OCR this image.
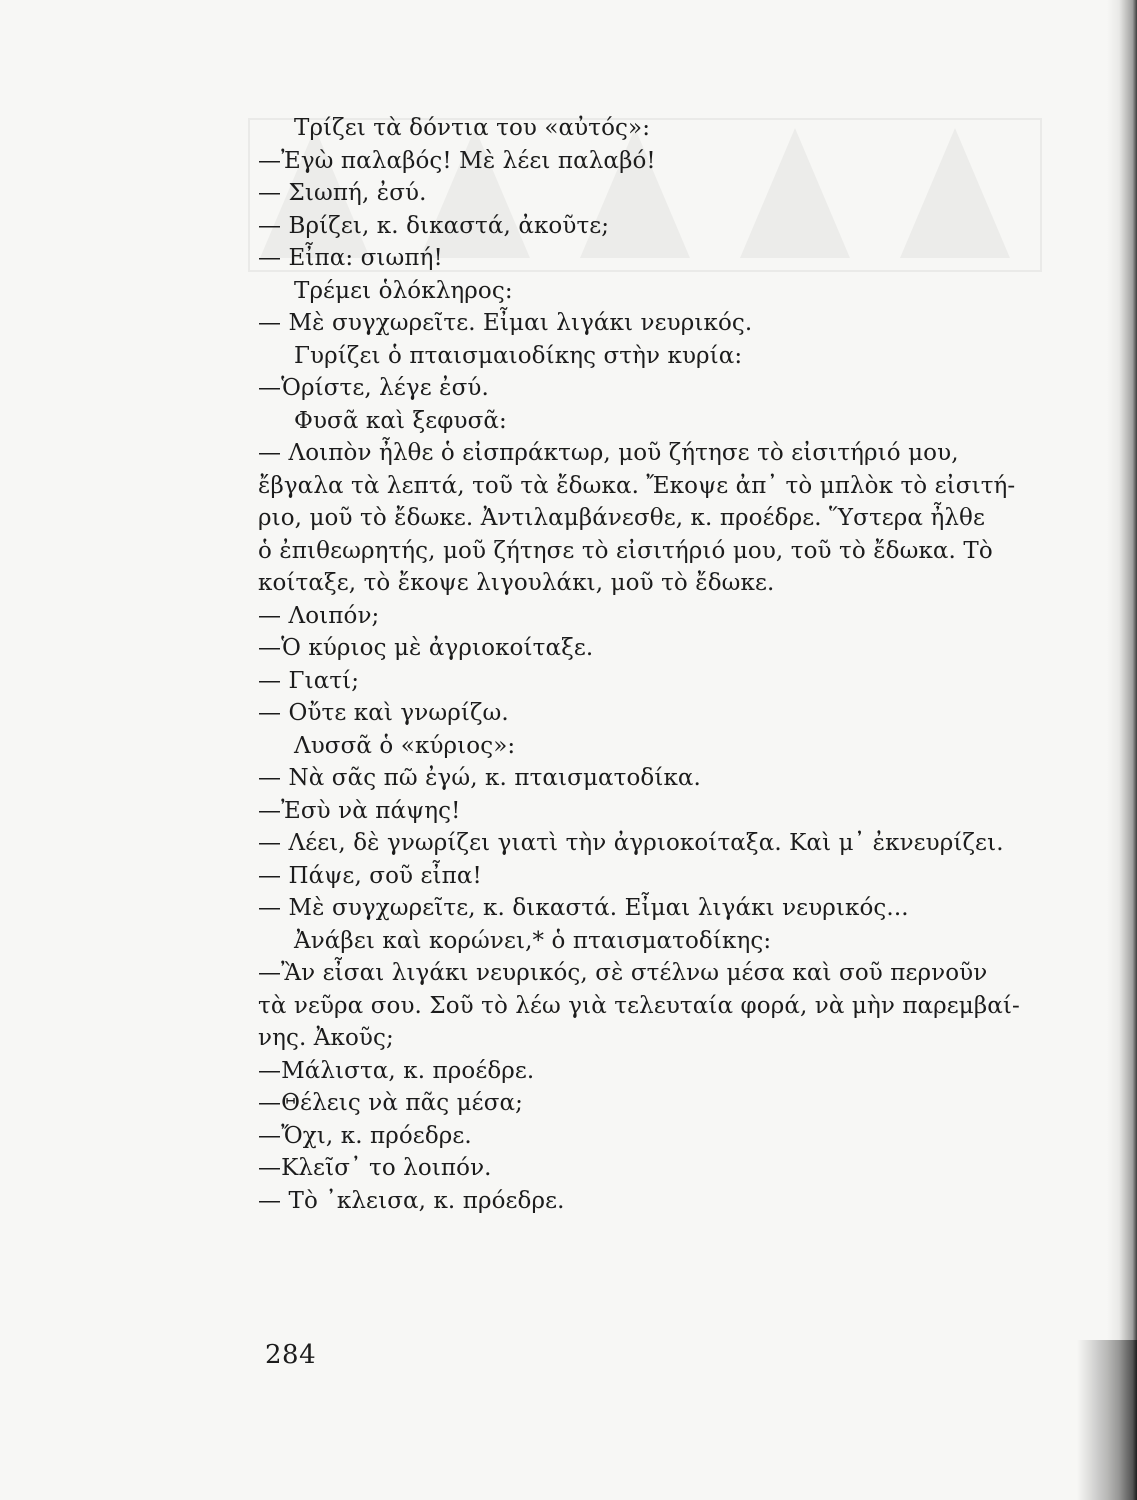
Τρίζει τὰ δόντια του «αὐτός»:
—Ἐγὼ παλαβός! Μὲ λέει παλαβό!
— Σιωπή, ἐσύ.
— Βρίζει, κ. δικαστά, ἀκοῦτε;
— Εἶπα: σιωπή!
Τρέμει ὁλόκληρος:
— Μὲ συγχωρεῖτε. Εἶμαι λιγάκι νευρικός.
Γυρίζει ὁ πταισμαιοδίκης στὴν κυρία:
—Ὁρίστε, λέγε ἐσύ.
Φυσᾶ καὶ ξεφυσᾶ:
— Λοιπὸν ἦλθε ὁ εἰσπράκτωρ, μοῦ ζήτησε τὸ εἰσιτήριό μου,
ἔβγαλα τὰ λεπτά, τοῦ τὰ ἔδωκα. Ἔκοψε ἀπ᾽ τὸ μπλὸκ τὸ εἰσιτή-
ριο, μοῦ τὸ ἔδωκε. Ἀντιλαμβάνεσθε, κ. προέδρε. Ὕστερα ἦλθε
ὁ ἐπιθεωρητής, μοῦ ζήτησε τὸ εἰσιτήριό μου, τοῦ τὸ ἔδωκα. Τὸ
κοίταξε, τὸ ἔκοψε λιγουλάκι, μοῦ τὸ ἔδωκε.
— Λοιπόν;
—Ὁ κύριος μὲ ἀγριοκοίταξε.
— Γιατί;
— Οὔτε καὶ γνωρίζω.
Λυσσᾶ ὁ «κύριος»:
— Νὰ σᾶς πῶ ἐγώ, κ. πταισματοδίκα.
—Ἐσὺ νὰ πάψης!
— Λέει, δὲ γνωρίζει γιατὶ τὴν ἀγριοκοίταξα. Καὶ μ᾽ ἐκνευρίζει.
— Πάψε, σοῦ εἶπα!
— Μὲ συγχωρεῖτε, κ. δικαστά. Εἶμαι λιγάκι νευρικός...
Ἀνάβει καὶ κορώνει,* ὁ πταισματοδίκης:
—Ἂν εἶσαι λιγάκι νευρικός, σὲ στέλνω μέσα καὶ σοῦ περνοῦν
τὰ νεῦρα σου. Σοῦ τὸ λέω γιὰ τελευταία φορά, νὰ μὴν παρεμβαί-
νης. Ἀκοῦς;
—Μάλιστα, κ. προέδρε.
—Θέλεις νὰ πᾶς μέσα;
—Ὄχι, κ. πρόεδρε.
—Κλεῖσ᾽ το λοιπόν.
— Τὸ ᾽κλεισα, κ. πρόεδρε.
284
